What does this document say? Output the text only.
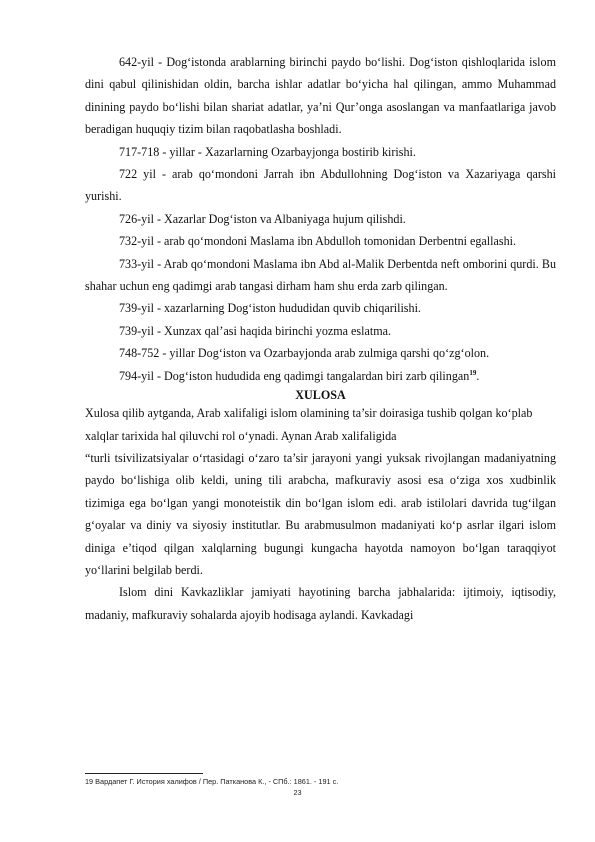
642-yil - Dog‘istonda arablarning birinchi paydo bo‘lishi. Dog‘iston qishloqlarida islom dini qabul qilinishidan oldin, barcha ishlar adatlar bo‘yicha hal qilingan, ammo Muhammad dinining paydo bo‘lishi bilan shariat adatlar, ya’ni Qur’onga asoslangan va manfaatlariga javob beradigan huquqiy tizim bilan raqobatlasha boshladi.

717-718 - yillar - Xazarlarning Ozarbayjonga bostirib kirishi.

722 yil - arab qo‘mondoni Jarrah ibn Abdullohning Dog‘iston va Xazariyaga qarshi yurishi.

726-yil - Xazarlar Dog‘iston va Albaniyaga hujum qilishdi.

732-yil - arab qo‘mondoni Maslama ibn Abdulloh tomonidan Derbentni egallashi.

733-yil - Arab qo‘mondoni Maslama ibn Abd al-Malik Derbentda neft omborini qurdi. Bu shahar uchun eng qadimgi arab tangasi dirham ham shu erda zarb qilingan.

739-yil - xazarlarning Dog‘iston hududidan quvib chiqarilishi.

739-yil - Xunzax qal’asi haqida birinchi yozma eslatma.

748-752 - yillar Dog‘iston va Ozarbayjonda arab zulmiga qarshi qo‘zg‘olon.

794-yil - Dog‘iston hududida eng qadimgi tangalardan biri zarb qilingan$^{19}$.

XULOSA

Xulosa qilib aytganda, Arab xalifaligi islom olamining ta’sir doirasiga tushib qolgan ko‘plab xalqlar tarixida hal qiluvchi rol o‘ynadi. Aynan Arab xalifaligida

“turli tsivilizatsiyalar o‘rtasidagi o‘zaro ta’sir jarayoni yangi yuksak rivojlangan madaniyatning paydo bo‘lishiga olib keldi, uning tili arabcha, mafkuraviy asosi esa o‘ziga xos xudbinlik tizimiga ega bo‘lgan yangi monoteistik din bo‘lgan islom edi. arab istilolari davrida tug‘ilgan g‘oyalar va diniy va siyosiy institutlar. Bu arabmusulmon madaniyati ko‘p asrlar ilgari islom diniga e’tiqod qilgan xalqlarning bugungi kungacha hayotda namoyon bo‘lgan taraqqiyot yo‘llarini belgilab berdi.

Islom dini Kavkazliklar jamiyati hayotining barcha jabhalarida: ijtimoiy, iqtisodiy, madaniy, mafkuraviy sohalarda ajoyib hodisaga aylandi. Kavkadagi

19 Вардапет Г. История халифов / Пер. Патканова К., - СПб.: 1861. - 191 с.
23
